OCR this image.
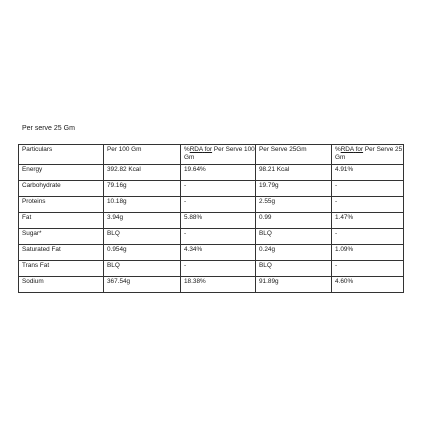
Per serve 25 Gm
Particulars	Per 100 Gm	%RDA for Per Serve 100 Gm	Per Serve 25Gm	%RDA for Per Serve 25 Gm
Energy	392.82 Kcal	19.64%	98.21 Kcal	4.91%
Carbohydrate	79.16g	-	19.79g	-
Proteins	10.18g	-	2.55g	-
Fat	3.94g	5.88%	0.99	1.47%
Sugar*	BLQ	-	BLQ	-
Saturated Fat	0.954g	4.34%	0.24g	1.09%
Trans Fat	BLQ	-	BLQ	-
Sodium	367.54g	18.38%	91.89g	4.60%
